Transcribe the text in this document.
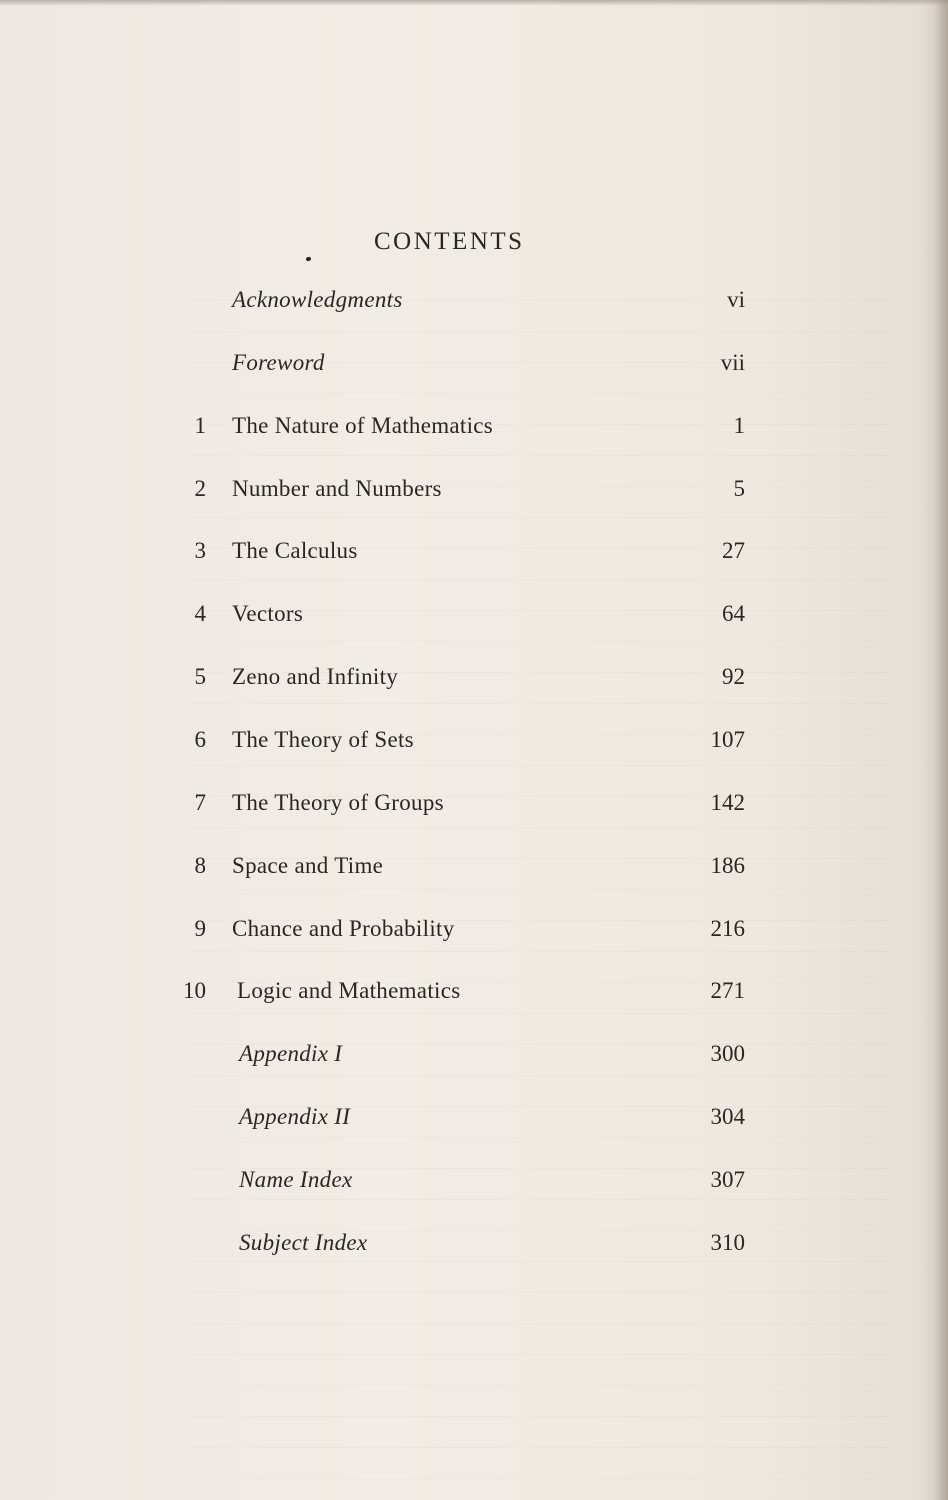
CONTENTS
Acknowledgments	vi
Foreword	vii
1 The Nature of Mathematics	1
2 Number and Numbers	5
3 The Calculus	27
4 Vectors	64
5 Zeno and Infinity	92
6 The Theory of Sets	107
7 The Theory of Groups	142
8 Space and Time	186
9 Chance and Probability	216
10 Logic and Mathematics	271
Appendix I	300
Appendix II	304
Name Index	307
Subject Index	310
